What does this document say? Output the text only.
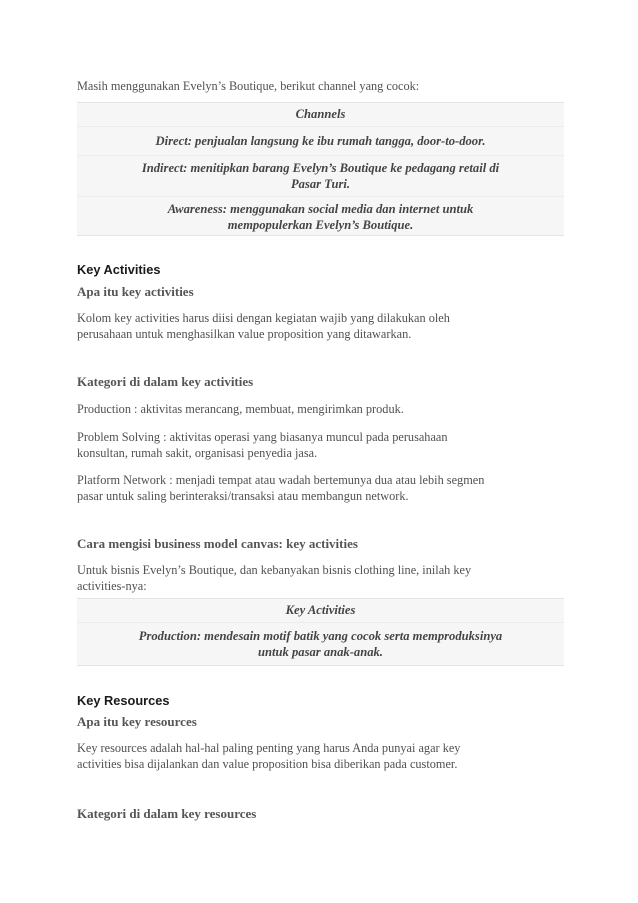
Masih menggunakan Evelyn’s Boutique, berikut channel yang cocok:

Channels

Direct: penjualan langsung ke ibu rumah tangga, door-to-door.

Indirect: menitipkan barang Evelyn’s Boutique ke pedagang retail di

Pasar Turi.

Awareness: menggunakan social media dan internet untuk

mempopulerkan Evelyn’s Boutique.

Key Activities
Apa itu key activities

Kolom key activities harus diisi dengan kegiatan wajib yang dilakukan oleh

perusahaan untuk menghasilkan value proposition yang ditawarkan.

Kategori di dalam key activities

Production : aktivitas merancang, membuat, mengirimkan produk.

Problem Solving : aktivitas operasi yang biasanya muncul pada perusahaan

konsultan, rumah sakit, organisasi penyedia jasa.

Platform Network : menjadi tempat atau wadah bertemunya dua atau lebih segmen

pasar untuk saling berinteraksi/transaksi atau membangun network.

Cara mengisi business model canvas: key activities

Untuk bisnis Evelyn’s Boutique, dan kebanyakan bisnis clothing line, inilah key

activities-nya:

Key Activities

Production: mendesain motif batik yang cocok serta memproduksinya

untuk pasar anak-anak.

Key Resources
Apa itu key resources

Key resources adalah hal-hal paling penting yang harus Anda punyai agar key

activities bisa dijalankan dan value proposition bisa diberikan pada customer.

Kategori di dalam key resources
